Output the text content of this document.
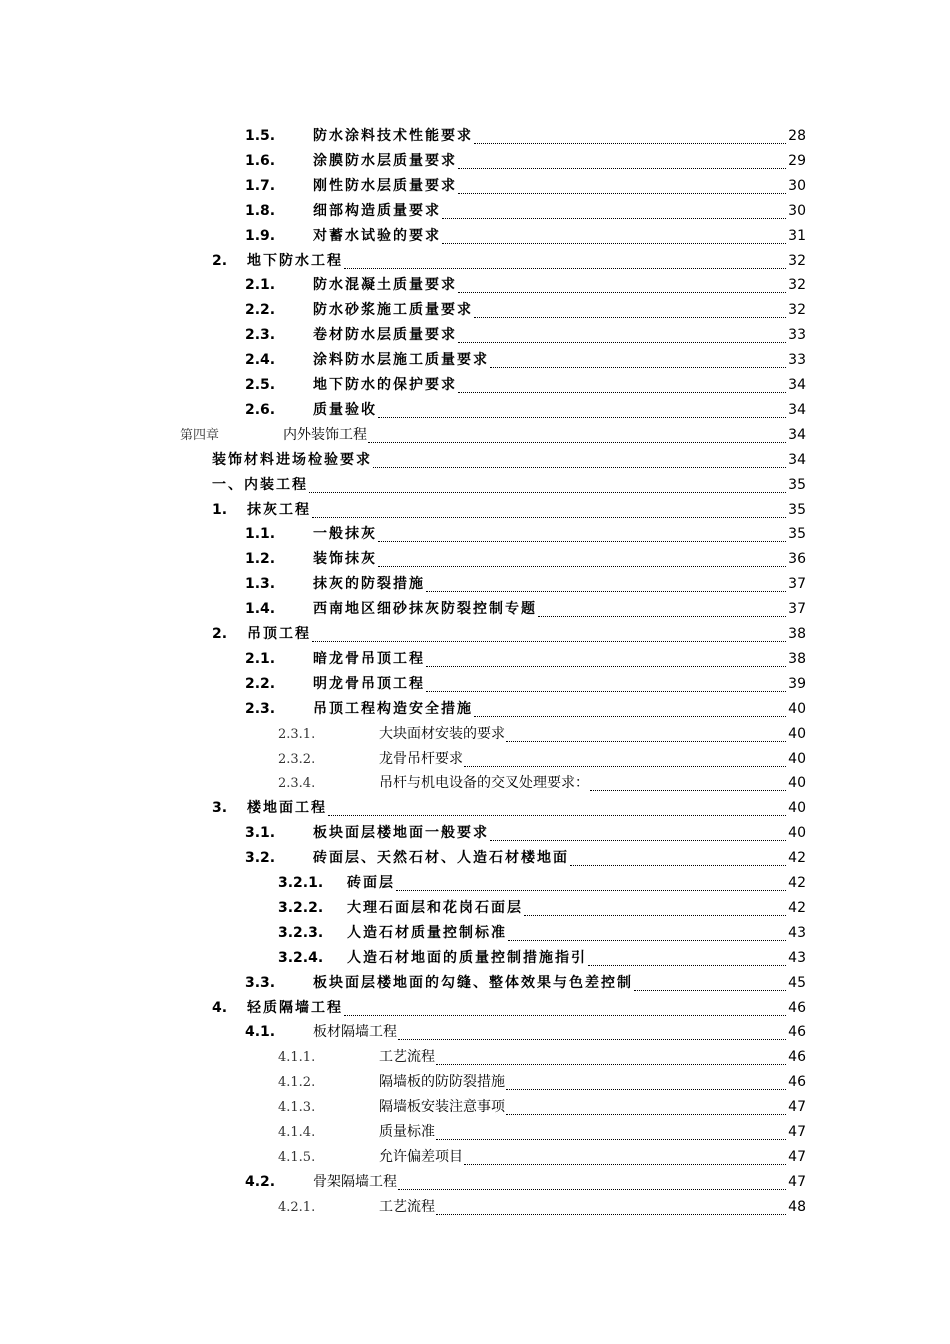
1.5.	防水涂料技术性能要求	28
1.6.	涂膜防水层质量要求	29
1.7.	刚性防水层质量要求	30
1.8.	细部构造质量要求	30
1.9.	对蓄水试验的要求	31
2.	地下防水工程	32
2.1.	防水混凝土质量要求	32
2.2.	防水砂浆施工质量要求	32
2.3.	卷材防水层质量要求	33
2.4.	涂料防水层施工质量要求	33
2.5.	地下防水的保护要求	34
2.6.	质量验收	34
第四章	内外装饰工程	34
装饰材料进场检验要求	34
一、内装工程	35
1.	抹灰工程	35
1.1.	一般抹灰	35
1.2.	装饰抹灰	36
1.3.	抹灰的防裂措施	37
1.4.	西南地区细砂抹灰防裂控制专题	37
2.	吊顶工程	38
2.1.	暗龙骨吊顶工程	38
2.2.	明龙骨吊顶工程	39
2.3.	吊顶工程构造安全措施	40
2.3.1.	大块面材安装的要求	40
2.3.2.	龙骨吊杆要求	40
2.3.4.	吊杆与机电设备的交叉处理要求：	40
3.	楼地面工程	40
3.1.	板块面层楼地面一般要求	40
3.2.	砖面层、天然石材、人造石材楼地面	42
3.2.1.	砖面层	42
3.2.2.	大理石面层和花岗石面层	42
3.2.3.	人造石材质量控制标准	43
3.2.4.	人造石材地面的质量控制措施指引	43
3.3.	板块面层楼地面的勾缝、整体效果与色差控制	45
4.	轻质隔墙工程	46
4.1.	板材隔墙工程	46
4.1.1.	工艺流程	46
4.1.2.	隔墙板的防防裂措施	46
4.1.3.	隔墙板安装注意事项	47
4.1.4.	质量标准	47
4.1.5.	允许偏差项目	47
4.2.	骨架隔墙工程	47
4.2.1.	工艺流程	48
